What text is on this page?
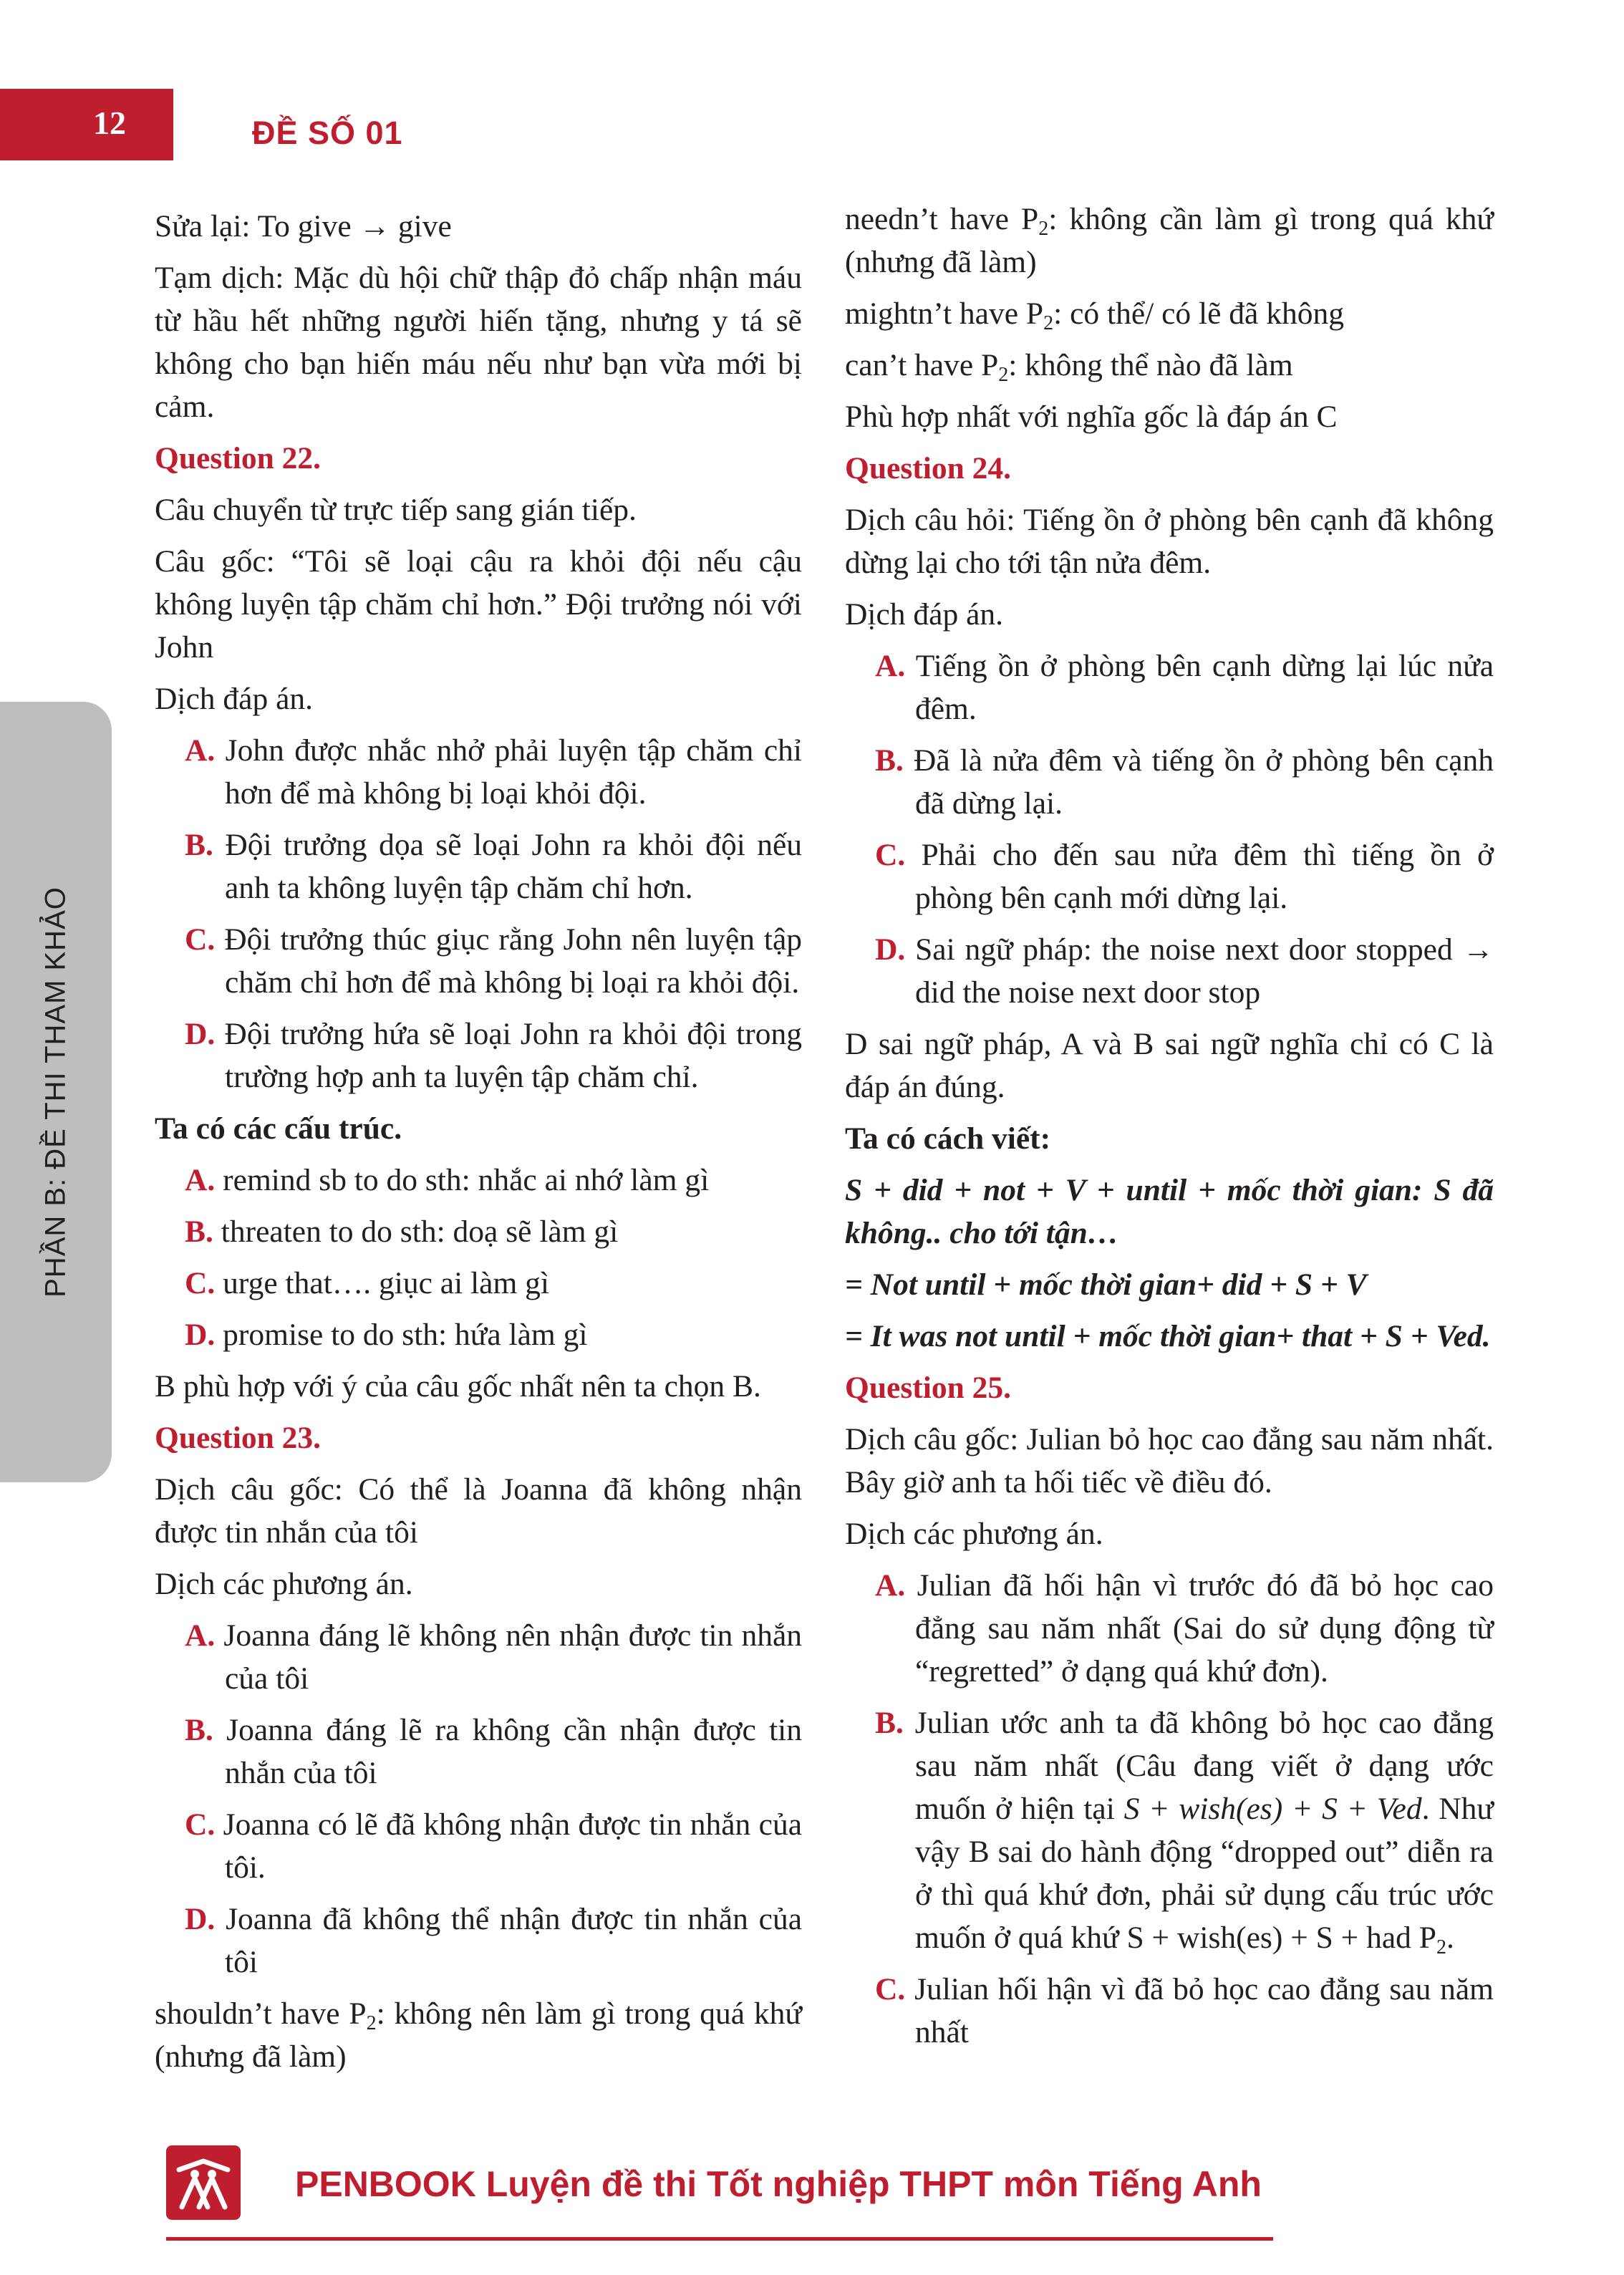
12	ĐỀ SỐ 01
PHẦN B: ĐỀ THI THAM KHẢO

Sửa lại: To give → give

Tạm dịch: Mặc dù hội chữ thập đỏ chấp nhận máu từ hầu hết những người hiến tặng, nhưng y tá sẽ không cho bạn hiến máu nếu như bạn vừa mới bị cảm.

Question 22.

Câu chuyển từ trực tiếp sang gián tiếp.

Câu gốc: “Tôi sẽ loại cậu ra khỏi đội nếu cậu không luyện tập chăm chỉ hơn.” Đội trưởng nói với John

Dịch đáp án.

A. John được nhắc nhở phải luyện tập chăm chỉ hơn để mà không bị loại khỏi đội.

B. Đội trưởng dọa sẽ loại John ra khỏi đội nếu anh ta không luyện tập chăm chỉ hơn.

C. Đội trưởng thúc giục rằng John nên luyện tập chăm chỉ hơn để mà không bị loại ra khỏi đội.

D. Đội trưởng hứa sẽ loại John ra khỏi đội trong trường hợp anh ta luyện tập chăm chỉ.

Ta có các cấu trúc.

A. remind sb to do sth: nhắc ai nhớ làm gì

B. threaten to do sth: doạ sẽ làm gì

C. urge that…. giục ai làm gì

D. promise to do sth: hứa làm gì

B phù hợp với ý của câu gốc nhất nên ta chọn B.

Question 23.

Dịch câu gốc: Có thể là Joanna đã không nhận được tin nhắn của tôi

Dịch các phương án.

A. Joanna đáng lẽ không nên nhận được tin nhắn của tôi

B. Joanna đáng lẽ ra không cần nhận được tin nhắn của tôi

C. Joanna có lẽ đã không nhận được tin nhắn của tôi.

D. Joanna đã không thể nhận được tin nhắn của tôi

shouldn’t have $P_2$: không nên làm gì trong quá khứ (nhưng đã làm)

needn’t have $P_2$: không cần làm gì trong quá khứ (nhưng đã làm)

mightn’t have $P_2$: có thể/ có lẽ đã không

can’t have $P_2$: không thể nào đã làm

Phù hợp nhất với nghĩa gốc là đáp án C

Question 24.

Dịch câu hỏi: Tiếng ồn ở phòng bên cạnh đã không dừng lại cho tới tận nửa đêm.

Dịch đáp án.

A. Tiếng ồn ở phòng bên cạnh dừng lại lúc nửa đêm.

B. Đã là nửa đêm và tiếng ồn ở phòng bên cạnh đã dừng lại.

C. Phải cho đến sau nửa đêm thì tiếng ồn ở phòng bên cạnh mới dừng lại.

D. Sai ngữ pháp: the noise next door stopped → did the noise next door stop

D sai ngữ pháp, A và B sai ngữ nghĩa chỉ có C là đáp án đúng.

Ta có cách viết:

S + did + not + V + until + mốc thời gian: S đã không.. cho tới tận…

= Not until + mốc thời gian+ did + S + V

= It was not until + mốc thời gian+ that + S + Ved.

Question 25.

Dịch câu gốc: Julian bỏ học cao đẳng sau năm nhất. Bây giờ anh ta hối tiếc về điều đó.

Dịch các phương án.

A. Julian đã hối hận vì trước đó đã bỏ học cao đẳng sau năm nhất (Sai do sử dụng động từ “regretted” ở dạng quá khứ đơn).

B. Julian ước anh ta đã không bỏ học cao đẳng sau năm nhất (Câu đang viết ở dạng ước muốn ở hiện tại S + wish(es) + S + Ved. Như vậy B sai do hành động “dropped out” diễn ra ở thì quá khứ đơn, phải sử dụng cấu trúc ước muốn ở quá khứ S + wish(es) + S + had $P_2$.

C. Julian hối hận vì đã bỏ học cao đẳng sau năm nhất

PENBOOK Luyện đề thi Tốt nghiệp THPT môn Tiếng Anh
